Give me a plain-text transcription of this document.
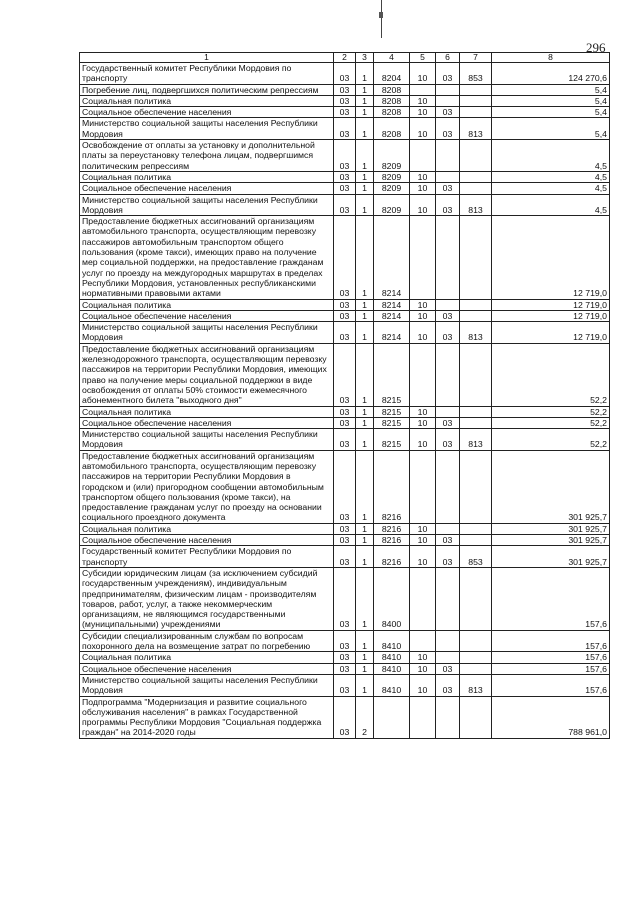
296
1	2	3	4	5	6	7	8
Государственный комитет Республики Мордовия по транспорту	03	1	8204	10	03	853	124 270,6
Погребение лиц, подвергшихся политическим репрессиям	03	1	8208				5,4
Социальная политика	03	1	8208	10			5,4
Социальное обеспечение населения	03	1	8208	10	03		5,4
Министерство социальной защиты населения Республики Мордовия	03	1	8208	10	03	813	5,4
Освобождение от оплаты за установку и дополнительной платы за переустановку телефона лицам, подвергшимся политическим репрессиям	03	1	8209				4,5
Социальная политика	03	1	8209	10			4,5
Социальное обеспечение населения	03	1	8209	10	03		4,5
Министерство социальной защиты населения Республики Мордовия	03	1	8209	10	03	813	4,5
Предоставление бюджетных ассигнований организациям автомобильного транспорта, осуществляющим перевозку пассажиров автомобильным транспортом общего пользования (кроме такси), имеющих право на получение мер социальной поддержки, на предоставление гражданам услуг по проезду на междугородных маршрутах в пределах Республики Мордовия, установленных республиканскими нормативными правовыми актами	03	1	8214				12 719,0
Социальная политика	03	1	8214	10			12 719,0
Социальное обеспечение населения	03	1	8214	10	03		12 719,0
Министерство социальной защиты населения Республики Мордовия	03	1	8214	10	03	813	12 719,0
Предоставление бюджетных ассигнований организациям железнодорожного транспорта, осуществляющим перевозку пассажиров на территории Республики Мордовия, имеющих право на получение меры социальной поддержки в виде освобождения от оплаты 50% стоимости ежемесячного абонементного билета "выходного дня"	03	1	8215				52,2
Социальная политика	03	1	8215	10			52,2
Социальное обеспечение населения	03	1	8215	10	03		52,2
Министерство социальной защиты населения Республики Мордовия	03	1	8215	10	03	813	52,2
Предоставление бюджетных ассигнований организациям автомобильного транспорта, осуществляющим перевозку пассажиров на территории Республики Мордовия в городском и (или) пригородном сообщении автомобильным транспортом общего пользования (кроме такси), на предоставление гражданам услуг по проезду на основании социального проездного документа	03	1	8216				301 925,7
Социальная политика	03	1	8216	10			301 925,7
Социальное обеспечение населения	03	1	8216	10	03		301 925,7
Государственный комитет Республики Мордовия по транспорту	03	1	8216	10	03	853	301 925,7
Субсидии юридическим лицам (за исключением субсидий государственным учреждениям), индивидуальным предпринимателям, физическим лицам - производителям товаров, работ, услуг, а также некоммерческим организациям, не являющимся государственными (муниципальными) учреждениями	03	1	8400				157,6
Субсидии специализированным службам по вопросам похоронного дела на возмещение затрат по погребению	03	1	8410				157,6
Социальная политика	03	1	8410	10			157,6
Социальное обеспечение населения	03	1	8410	10	03		157,6
Министерство социальной защиты населения Республики Мордовия	03	1	8410	10	03	813	157,6
Подпрограмма "Модернизация и развитие социального обслуживания населения" в рамках Государственной программы Республики Мордовия "Социальная поддержка граждан" на 2014-2020 годы	03	2					788 961,0
